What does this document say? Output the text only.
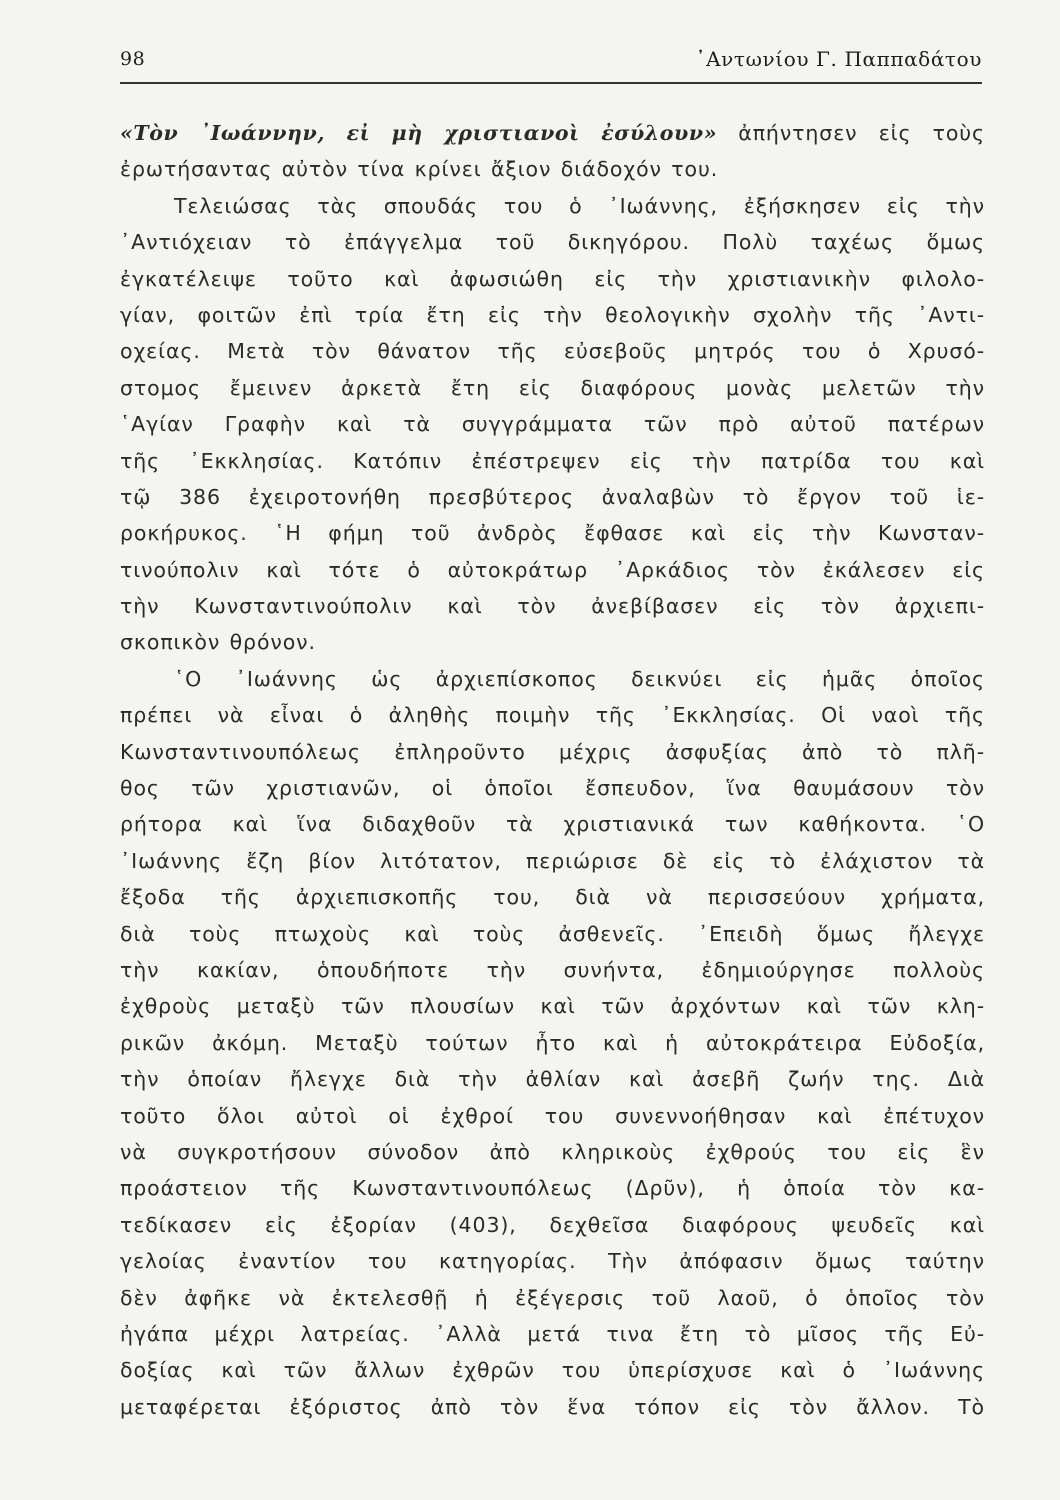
98	᾿Αντωνίου Γ. Παππαδάτου
«Τὸν ᾿Ιωάννην, εἰ μὴ χριστιανοὶ ἐσύλουν» ἀπήντησεν εἰς τοὺς
ἐρωτήσαντας αὐτὸν τίνα κρίνει ἄξιον διάδοχόν του.
Τελειώσας τὰς σπουδάς του ὁ ᾿Ιωάννης, ἐξήσκησεν εἰς τὴν
᾿Αντιόχειαν τὸ ἐπάγγελμα τοῦ δικηγόρου. Πολὺ ταχέως ὅμως
ἐγκατέλειψε τοῦτο καὶ ἀφωσιώθη εἰς τὴν χριστιανικὴν φιλολο-
γίαν, φοιτῶν ἐπὶ τρία ἔτη εἰς τὴν θεολογικὴν σχολὴν τῆς ᾿Αντι-
οχείας. Μετὰ τὸν θάνατον τῆς εὐσεβοῦς μητρός του ὁ Χρυσό-
στομος ἔμεινεν ἀρκετὰ ἔτη εἰς διαφόρους μονὰς μελετῶν τὴν
῾Αγίαν Γραφὴν καὶ τὰ συγγράμματα τῶν πρὸ αὐτοῦ πατέρων
τῆς ᾿Εκκλησίας. Κατόπιν ἐπέστρεψεν εἰς τὴν πατρίδα του καὶ
τῷ 386 ἐχειροτονήθη πρεσβύτερος ἀναλαβὼν τὸ ἔργον τοῦ ἱε-
ροκήρυκος. ῾Η φήμη τοῦ ἀνδρὸς ἔφθασε καὶ εἰς τὴν Κωνσταν-
τινούπολιν καὶ τότε ὁ αὐτοκράτωρ ᾿Αρκάδιος τὸν ἐκάλεσεν εἰς
τὴν Κωνσταντινούπολιν καὶ τὸν ἀνεβίβασεν εἰς τὸν ἀρχιεπι-
σκοπικὸν θρόνον.
῾Ο ᾿Ιωάννης ὡς ἀρχιεπίσκοπος δεικνύει εἰς ἡμᾶς ὁποῖος
πρέπει νὰ εἶναι ὁ ἀληθὴς ποιμὴν τῆς ᾿Εκκλησίας. Οἱ ναοὶ τῆς
Κωνσταντινουπόλεως ἐπληροῦντο μέχρις ἀσφυξίας ἀπὸ τὸ πλῆ-
θος τῶν χριστιανῶν, οἱ ὁποῖοι ἔσπευδον, ἵνα θαυμάσουν τὸν
ρήτορα καὶ ἵνα διδαχθοῦν τὰ χριστιανικά των καθήκοντα. ῾Ο
᾿Ιωάννης ἔζη βίον λιτότατον, περιώρισε δὲ εἰς τὸ ἐλάχιστον τὰ
ἔξοδα τῆς ἀρχιεπισκοπῆς του, διὰ νὰ περισσεύουν χρήματα,
διὰ τοὺς πτωχοὺς καὶ τοὺς ἀσθενεῖς. ᾿Επειδὴ ὅμως ἤλεγχε
τὴν κακίαν, ὁπουδήποτε τὴν συνήντα, ἐδημιούργησε πολλοὺς
ἐχθροὺς μεταξὺ τῶν πλουσίων καὶ τῶν ἀρχόντων καὶ τῶν κλη-
ρικῶν ἀκόμη. Μεταξὺ τούτων ἦτο καὶ ἡ αὐτοκράτειρα Εὐδοξία,
τὴν ὁποίαν ἤλεγχε διὰ τὴν ἀθλίαν καὶ ἀσεβῆ ζωήν της. Διὰ
τοῦτο ὅλοι αὐτοὶ οἱ ἐχθροί του συνεννοήθησαν καὶ ἐπέτυχον
νὰ συγκροτήσουν σύνοδον ἀπὸ κληρικοὺς ἐχθρούς του εἰς ἓν
προάστειον τῆς Κωνσταντινουπόλεως (Δρῦν), ἡ ὁποία τὸν κα-
τεδίκασεν εἰς ἐξορίαν (403), δεχθεῖσα διαφόρους ψευδεῖς καὶ
γελοίας ἐναντίον του κατηγορίας. Τὴν ἀπόφασιν ὅμως ταύτην
δὲν ἀφῆκε νὰ ἐκτελεσθῇ ἡ ἐξέγερσις τοῦ λαοῦ, ὁ ὁποῖος τὸν
ἠγάπα μέχρι λατρείας. ᾿Αλλὰ μετά τινα ἔτη τὸ μῖσος τῆς Εὐ-
δοξίας καὶ τῶν ἄλλων ἐχθρῶν του ὑπερίσχυσε καὶ ὁ ᾿Ιωάννης
μεταφέρεται ἐξόριστος ἀπὸ τὸν ἕνα τόπον εἰς τὸν ἄλλον. Τὸ
